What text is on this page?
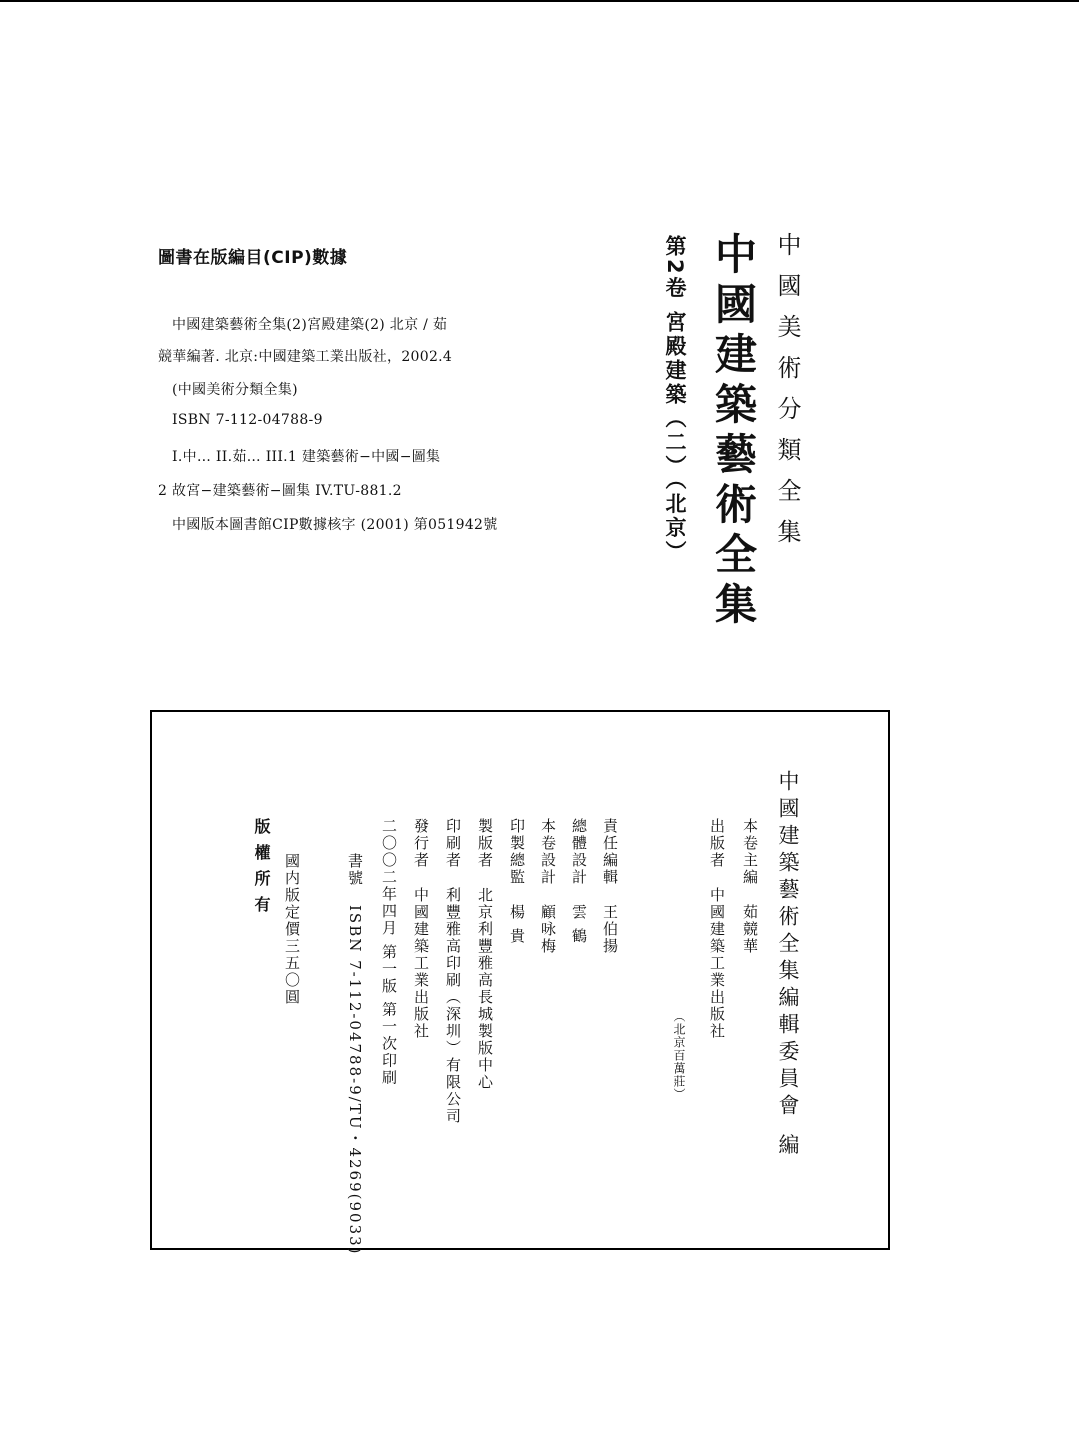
圖書在版編目(CIP)數據
中國建築藝術全集(2)宮殿建築(2) 北京 / 茹
競華編著. 北京:中國建築工業出版社，2002.4
(中國美術分類全集)
ISBN 7-112-04788-9
I.中… II.茹… III.1 建築藝術−中國−圖集
2 故宮−建築藝術−圖集 IV.TU-881.2
中國版本圖書館CIP數據核字 (2001) 第051942號	中國美術分類全集
中國建築藝術全集
第2卷 宮殿建築（二）（北京）
中國建築藝術全集編輯委員會 編
本卷主編茹競華
出版者中國建築工業出版社
（北京百萬莊）
責任編輯王伯揚
總體設計雲 鶴
本卷設計顧咏梅
印製總監楊 貴
製版者北京利豐雅高長城製版中心
印刷者利豐雅高印刷（深圳）有限公司
發行者中國建築工業出版社
二〇〇二年四月 第一版 第一次印刷
書號ISBN 7-112-04788-9/TU・4269(9033)
國内版定價三五〇圓
版權所有
